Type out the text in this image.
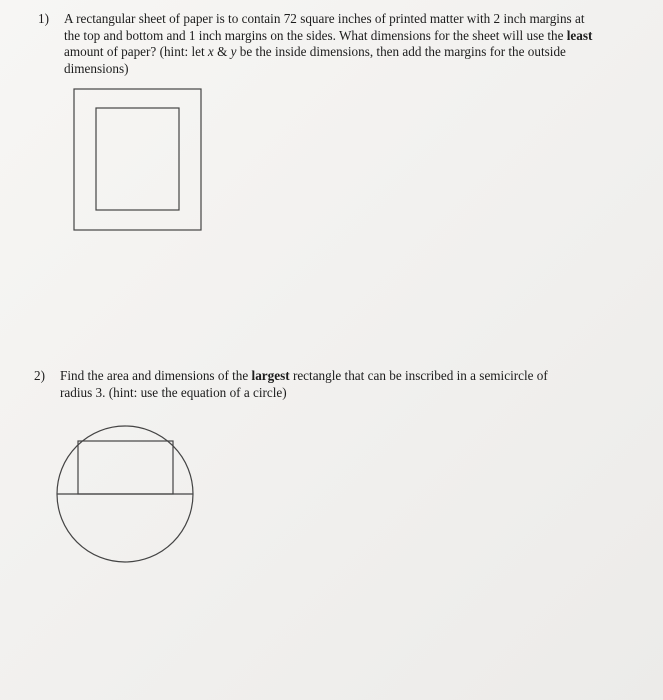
1) A rectangular sheet of paper is to contain 72 square inches of printed matter with 2 inch margins at
the top and bottom and 1 inch margins on the sides. What dimensions for the sheet will use the least
amount of paper? (hint: let x & y be the inside dimensions, then add the margins for the outside
dimensions)
2) Find the area and dimensions of the largest rectangle that can be inscribed in a semicircle of
radius 3. (hint: use the equation of a circle)
